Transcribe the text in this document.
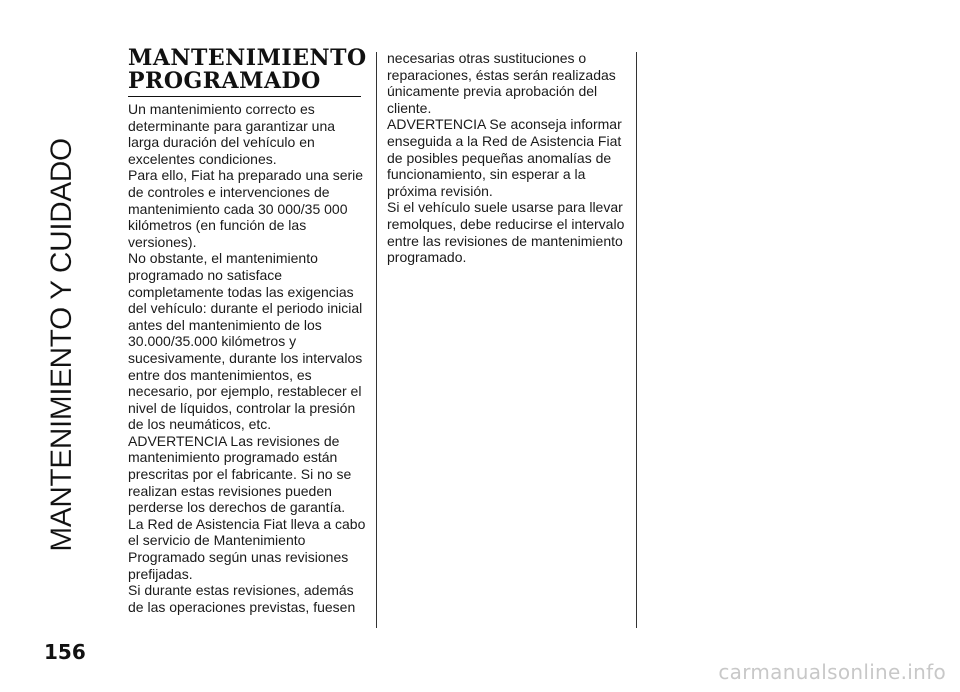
MANTENIMIENTO Y CUIDADO
156
MANTENIMIENTO PROGRAMADO

Un mantenimiento correcto es determinante para garantizar una larga duración del vehículo en excelentes condiciones.

Para ello, Fiat ha preparado una serie de controles e intervenciones de mantenimiento cada 30 000/35 000 kilómetros (en función de las versiones).

No obstante, el mantenimiento programado no satisface completamente todas las exigencias del vehículo: durante el periodo inicial antes del mantenimiento de los 30.000/35.000 kilómetros y sucesivamente, durante los intervalos entre dos mantenimientos, es necesario, por ejemplo, restablecer el nivel de líquidos, controlar la presión de los neumáticos, etc.

ADVERTENCIA Las revisiones de mantenimiento programado están prescritas por el fabricante. Si no se realizan estas revisiones pueden perderse los derechos de garantía.

La Red de Asistencia Fiat lleva a cabo el servicio de Mantenimiento Programado según unas revisiones prefijadas.

Si durante estas revisiones, además de las operaciones previstas, fuesen

necesarias otras sustituciones o reparaciones, éstas serán realizadas únicamente previa aprobación del cliente.

ADVERTENCIA Se aconseja informar enseguida a la Red de Asistencia Fiat de posibles pequeñas anomalías de funcionamiento, sin esperar a la próxima revisión.

Si el vehículo suele usarse para llevar remolques, debe reducirse el intervalo entre las revisiones de mantenimiento programado.

carmanualsonline.info
